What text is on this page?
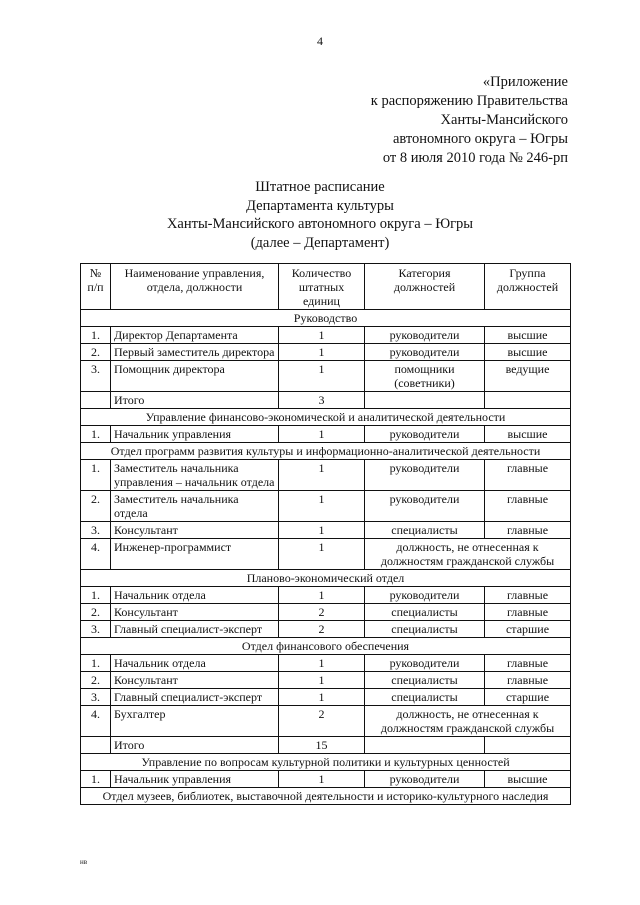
4
«Приложение
к распоряжению Правительства
Ханты-Мансийского
автономного округа – Югры
от 8 июля 2010 года № 246-рп
Штатное расписание
Департамента культуры
Ханты-Мансийского автономного округа – Югры
(далее – Департамент)
№ п/п	Наименование управления, отдела, должности	Количество штатных единиц	Категория должностей	Группа должностей
Руководство				
1.	Директор Департамента	1	руководители	высшие
2.	Первый заместитель директора	1	руководители	высшие
3.	Помощник директора	1	помощники (советники)	ведущие
	Итого	3		
Управление финансово-экономической и аналитической деятельности				
1.	Начальник управления	1	руководители	высшие
Отдел программ развития культуры и информационно-аналитической деятельности				
1.	Заместитель начальника управления – начальник отдела	1	руководители	главные
2.	Заместитель начальника отдела	1	руководители	главные
3.	Консультант	1	специалисты	главные
4.	Инженер-программист	1	должность, не отнесенная к должностям гражданской службы	
Планово-экономический отдел				
1.	Начальник отдела	1	руководители	главные
2.	Консультант	2	специалисты	главные
3.	Главный специалист-эксперт	2	специалисты	старшие
Отдел финансового обеспечения				
1.	Начальник отдела	1	руководители	главные
2.	Консультант	1	специалисты	главные
3.	Главный специалист-эксперт	1	специалисты	старшие
4.	Бухгалтер	2	должность, не отнесенная к должностям гражданской службы	
	Итого	15		
Управление по вопросам культурной политики и культурных ценностей				
1.	Начальник управления	1	руководители	высшие
Отдел музеев, библиотек, выставочной деятельности и историко-культурного наследия				
нв
